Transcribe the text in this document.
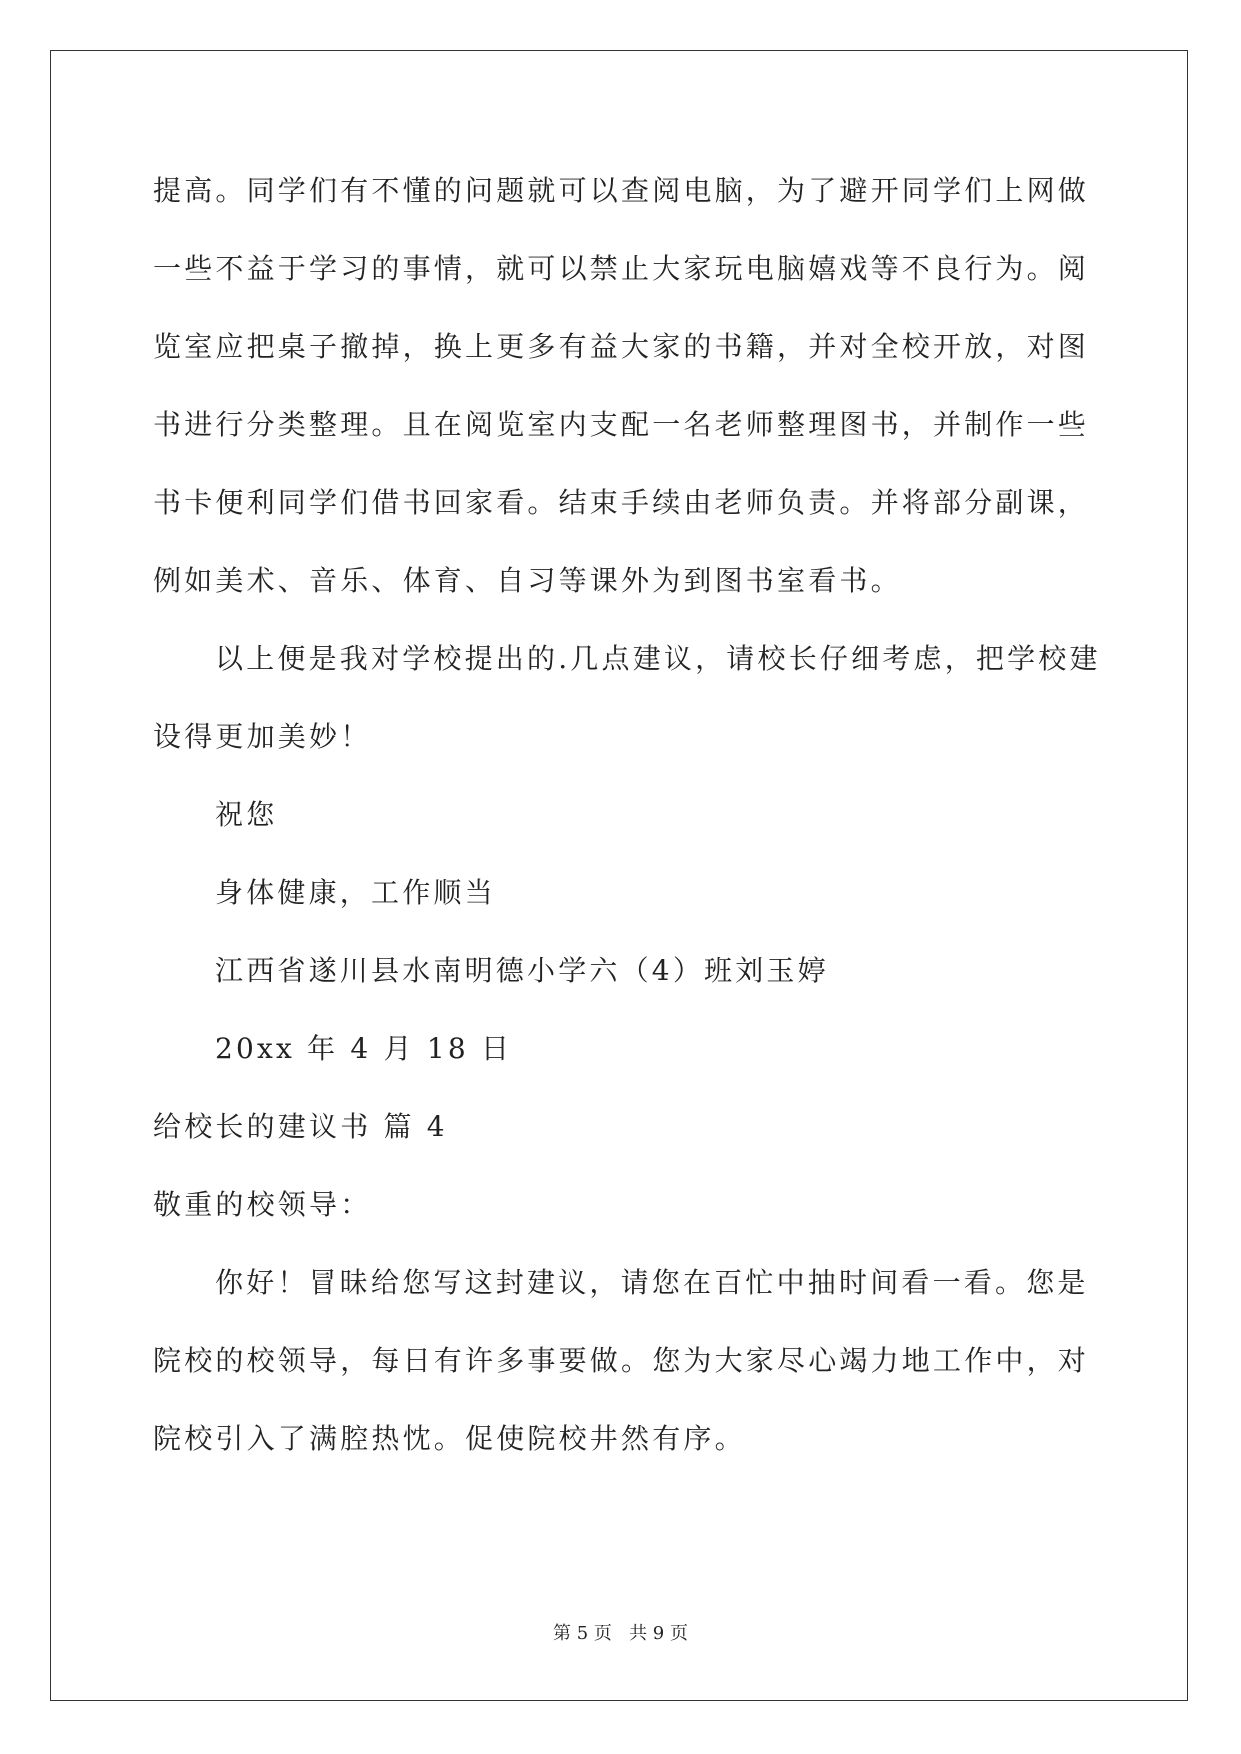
提高。同学们有不懂的问题就可以查阅电脑，为了避开同学们上网做
一些不益于学习的事情，就可以禁止大家玩电脑嬉戏等不良行为。阅
览室应把桌子撤掉，换上更多有益大家的书籍，并对全校开放，对图
书进行分类整理。且在阅览室内支配一名老师整理图书，并制作一些
书卡便利同学们借书回家看。结束手续由老师负责。并将部分副课，
例如美术、音乐、体育、自习等课外为到图书室看书。
以上便是我对学校提出的.几点建议，请校长仔细考虑，把学校建
设得更加美妙！
祝您
身体健康，工作顺当
江西省遂川县水南明德小学六（4）班刘玉婷
20xx 年 4 月 18 日
给校长的建议书 篇 4
敬重的校领导：
你好！冒昧给您写这封建议，请您在百忙中抽时间看一看。您是
院校的校领导，每日有许多事要做。您为大家尽心竭力地工作中，对
院校引入了满腔热忱。促使院校井然有序。
第 5 页   共 9 页
